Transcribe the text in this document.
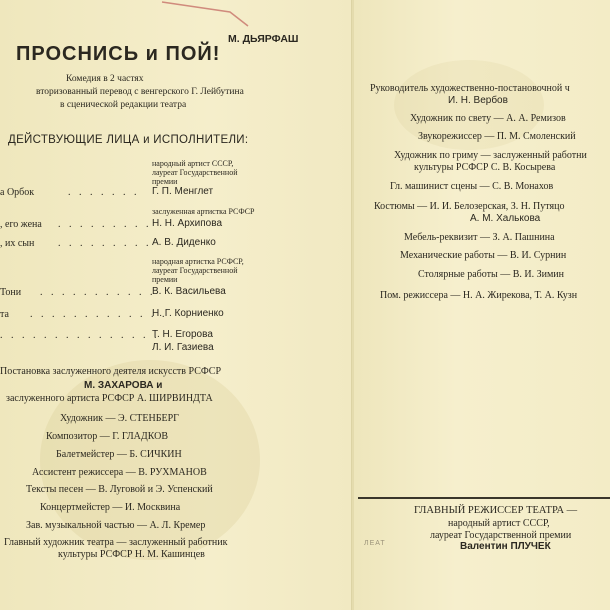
М. ДЬЯРФАШ
ПРОСНИСЬ и ПОЙ!
Комедия в 2 частях
вторизованный перевод с венгерского Г. Лейбутина
в сценической редакции театра
ДЕЙСТВУЮЩИЕ ЛИЦА и ИСПОЛНИТЕЛИ:
народный артист СССР,
лауреат Государственной
премии
а Орбок	. . . . . . . Г. П. Менглет
заслуженная артистка РСФСР
, его жена . . . . . . . . . Н. Н. Архипова
, их сын . . . . . . . . . А. В. Диденко
народная артистка РСФСР,
лауреат Государственной
премии
Тони . . . . . . . . . . .
В. К. Васильева
та . . . . . . . . . . . . .
Н. Г. Корниенко
. . . . . . . . . . . . . . .
Т. Н. Егорова
Л. И. Газиева
Постановка заслуженного деятеля искусств РСФСР
М. ЗАХАРОВА и
заслуженного артиста РСФСР А. ШИРВИНДТА
Художник — Э. СТЕНБЕРГ
Композитор — Г. ГЛАДКОВ
Балетмейстер — Б. СИЧКИН
Ассистент режиссера — В. РУХМАНОВ
Тексты песен — В. Луговой и Э. Успенский
Концертмейстер — И. Москвина
Зав. музыкальной частью — А. Л. Кремер
Главный художник театра — заслуженный работник
культуры РСФСР Н. М. Кашинцев
Руководитель художественно-постановочной ч
И. Н. Вербов
Художник по свету — А. А. Ремизов
Звукорежиссер — П. М. Смоленский
Художник по гриму — заслуженный работни
культуры РСФСР С. В. Косырева
Гл. машинист сцены — С. В. Монахов
Костюмы — И. И. Белозерская, З. Н. Путяцо
А. М. Халькова
Мебель-реквизит — З. А. Пашнина
Механические работы — В. И. Сурнин
Столярные работы — В. И. Зимин
Пом. режиссера — Н. А. Жирекова, Т. А. Кузн
ГЛАВНЫЙ РЕЖИССЕР ТЕАТРА —
народный артист СССР,
лауреат Государственной премии
Валентин ПЛУЧЕК
ЛЕАТ
